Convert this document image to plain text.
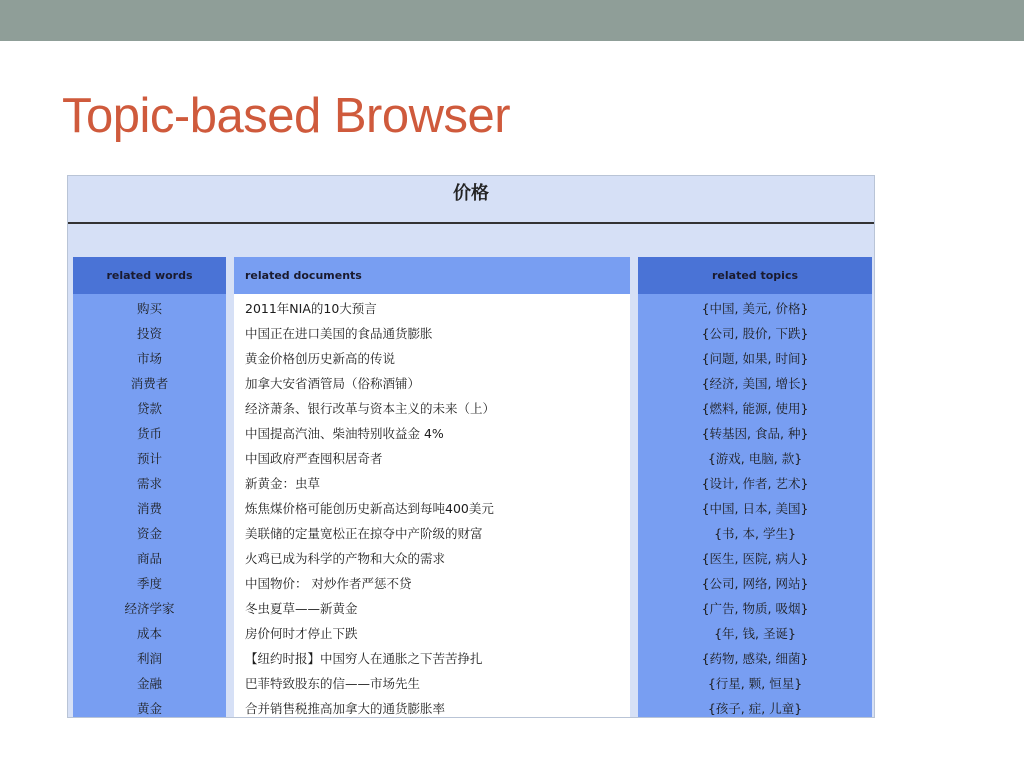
Topic-based Browser
价格
related words
购买
投资
市场
消费者
贷款
货币
预计
需求
消费
资金
商品
季度
经济学家
成本
利润
金融
黄金
related documents
2011年NIA的10大预言
中国正在进口美国的食品通货膨胀
黄金价格创历史新高的传说
加拿大安省酒管局（俗称酒铺）
经济萧条、银行改革与资本主义的未来（上）
中国提高汽油、柴油特别收益金 4%
中国政府严查囤积居奇者
新黄金：虫草
炼焦煤价格可能创历史新高达到每吨400美元
美联储的定量宽松正在掠夺中产阶级的财富
火鸡已成为科学的产物和大众的需求
中国物价： 对炒作者严惩不贷
冬虫夏草——新黄金
房价何时才停止下跌
【纽约时报】中国穷人在通胀之下苦苦挣扎
巴菲特致股东的信——市场先生
合并销售税推高加拿大的通货膨胀率
related topics
{中国, 美元, 价格}
{公司, 股价, 下跌}
{问题, 如果, 时间}
{经济, 美国, 增长}
{燃料, 能源, 使用}
{转基因, 食品, 种}
{游戏, 电脑, 款}
{设计, 作者, 艺术}
{中国, 日本, 美国}
{书, 本, 学生}
{医生, 医院, 病人}
{公司, 网络, 网站}
{广告, 物质, 吸烟}
{年, 钱, 圣诞}
{药物, 感染, 细菌}
{行星, 颗, 恒星}
{孩子, 症, 儿童}
